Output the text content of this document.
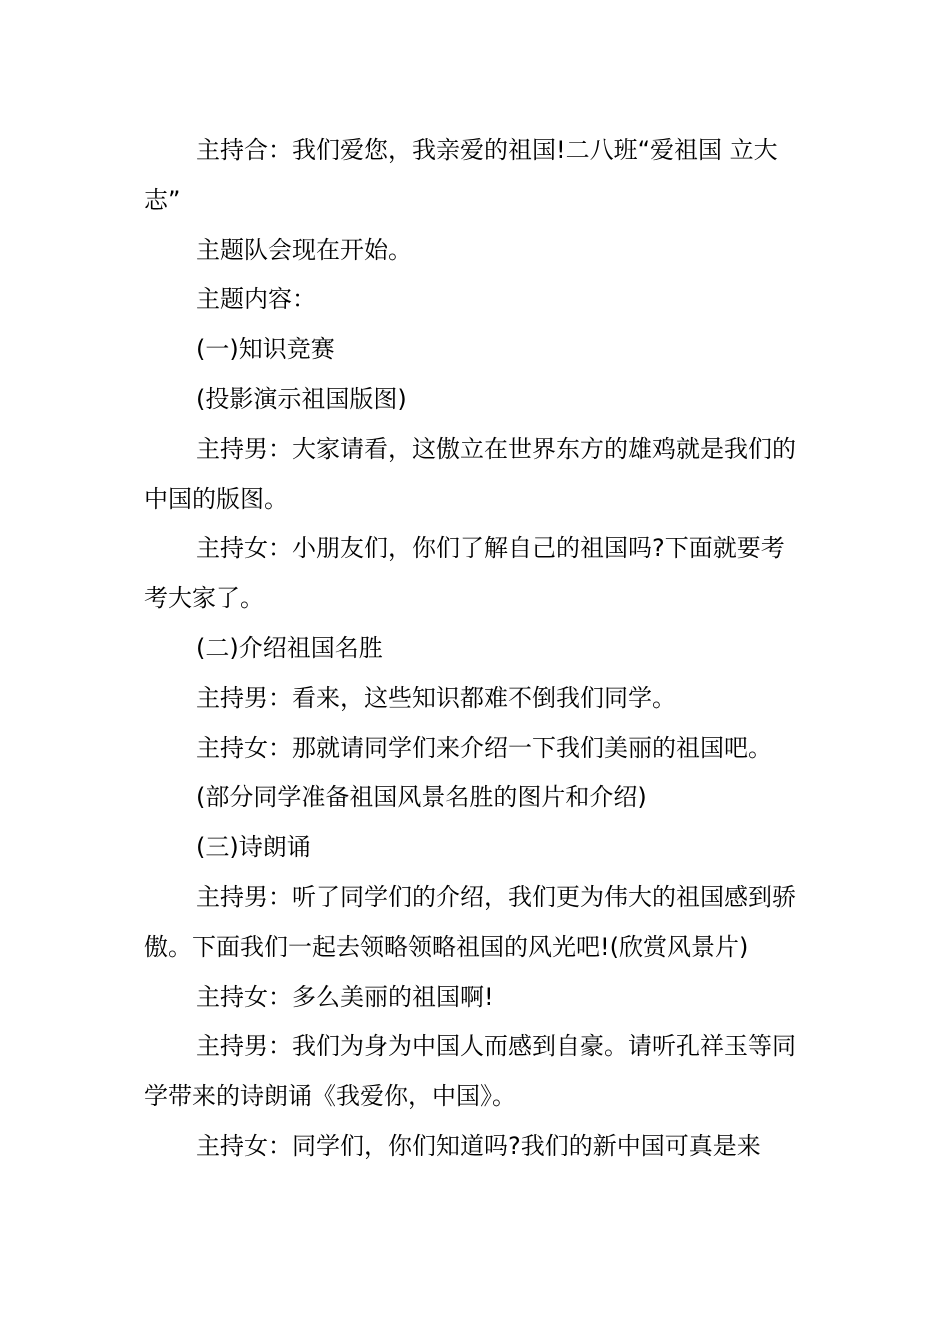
主持合：我们爱您，我亲爱的祖国!二八班“爱祖国 立大志”

主题队会现在开始。

主题内容：

(一)知识竞赛

(投影演示祖国版图)

主持男：大家请看，这傲立在世界东方的雄鸡就是我们的中国的版图。

主持女：小朋友们，你们了解自己的祖国吗?下面就要考考大家了。

(二)介绍祖国名胜

主持男：看来，这些知识都难不倒我们同学。

主持女：那就请同学们来介绍一下我们美丽的祖国吧。

(部分同学准备祖国风景名胜的图片和介绍)

(三)诗朗诵

主持男：听了同学们的介绍，我们更为伟大的祖国感到骄傲。下面我们一起去领略领略祖国的风光吧!(欣赏风景片)

主持女：多么美丽的祖国啊!

主持男：我们为身为中国人而感到自豪。请听孔祥玉等同学带来的诗朗诵《我爱你，中国》。

主持女：同学们，你们知道吗?我们的新中国可真是来
